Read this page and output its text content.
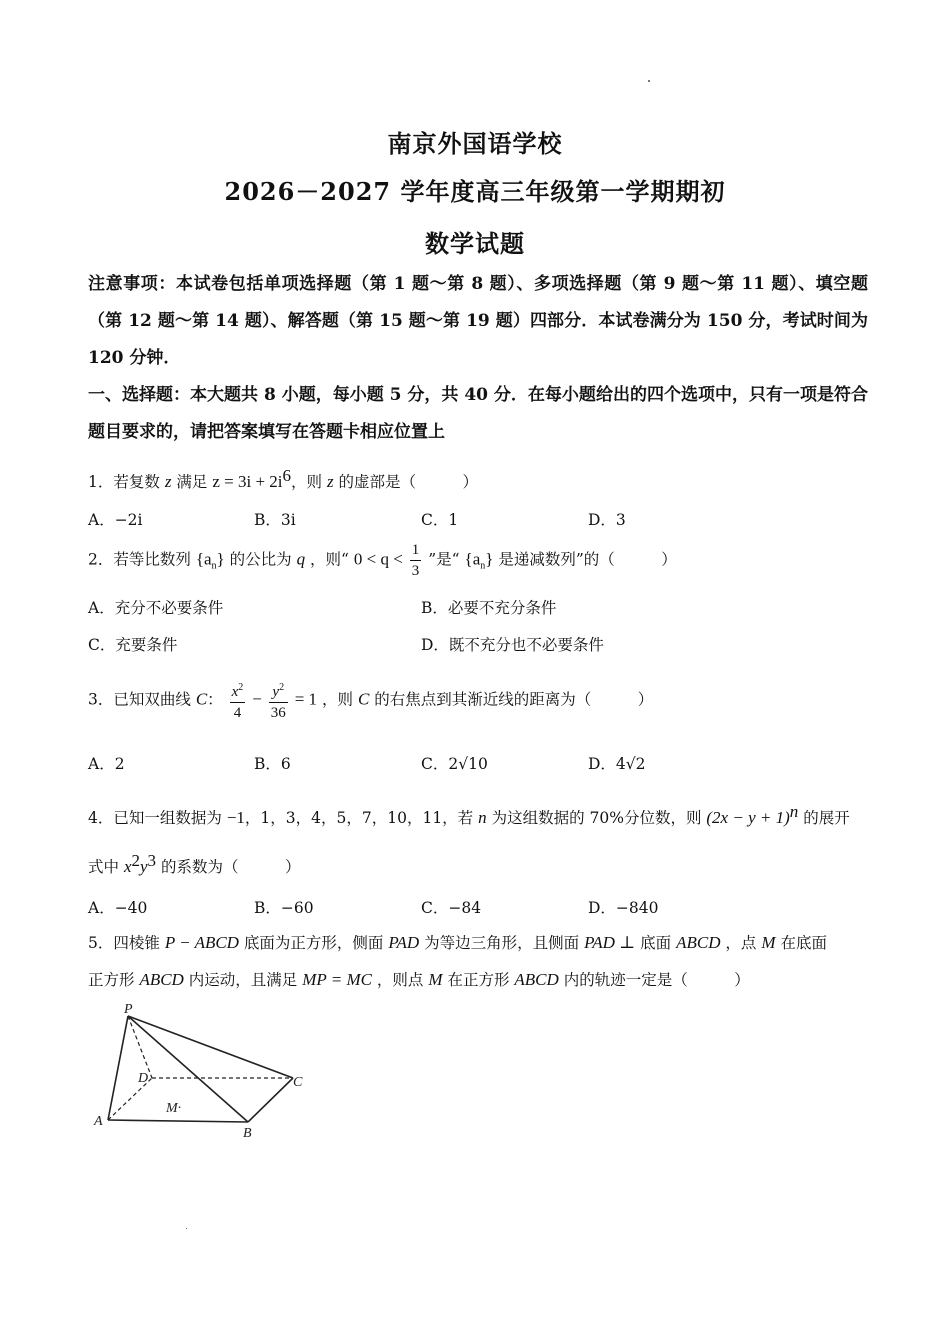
南京外国语学校
2026－2027 学年度高三年级第一学期期初
数学试题
注意事项：本试卷包括单项选择题（第 1 题～第 8 题）、多项选择题（第 9 题～第 11 题）、填空题（第 12 题～第 14 题）、解答题（第 15 题～第 19 题）四部分．本试卷满分为 150 分，考试时间为 120 分钟．
一、选择题：本大题共 8 小题，每小题 5 分，共 40 分．在每小题给出的四个选项中，只有一项是符合题目要求的，请把答案填写在答题卡相应位置上
1．若复数 z 满足 $z = 3i + 2i^6$，则 z 的虚部是（　　　）
A．−2i	B．3i	C．1	D．3
2．若等比数列 $\{a_n\}$ 的公比为 q ，则“ $0 < q < \frac{1}{3}$ ”是“ $\{a_n\}$ 是递减数列”的（　　　）
A．充分不必要条件	B．必要不充分条件
C．充要条件	D．既不充分也不必要条件
3．已知双曲线 C： $\frac{x^2}{4} - \frac{y^2}{36} = 1$ ，则 C 的右焦点到其渐近线的距离为（　　　）
A．2	B．6	C．2√10	D．4√2
4．已知一组数据为 −1，1，3，4，5，7，10，11，若 n 为这组数据的 70%分位数，则 $(2x - y + 1)^n$ 的展开
式中 $x^2y^3$ 的系数为（　　　）
A．−40	B．−60	C．−84	D．−840
5．四棱锥 P − ABCD 底面为正方形，侧面 PAD 为等边三角形，且侧面 PAD ⊥ 底面 ABCD ，点 M 在底面
正方形 ABCD 内运动，且满足 MP = MC ，则点 M 在正方形 ABCD 内的轨迹一定是（　　　）
P
D	C
A
B
M·
